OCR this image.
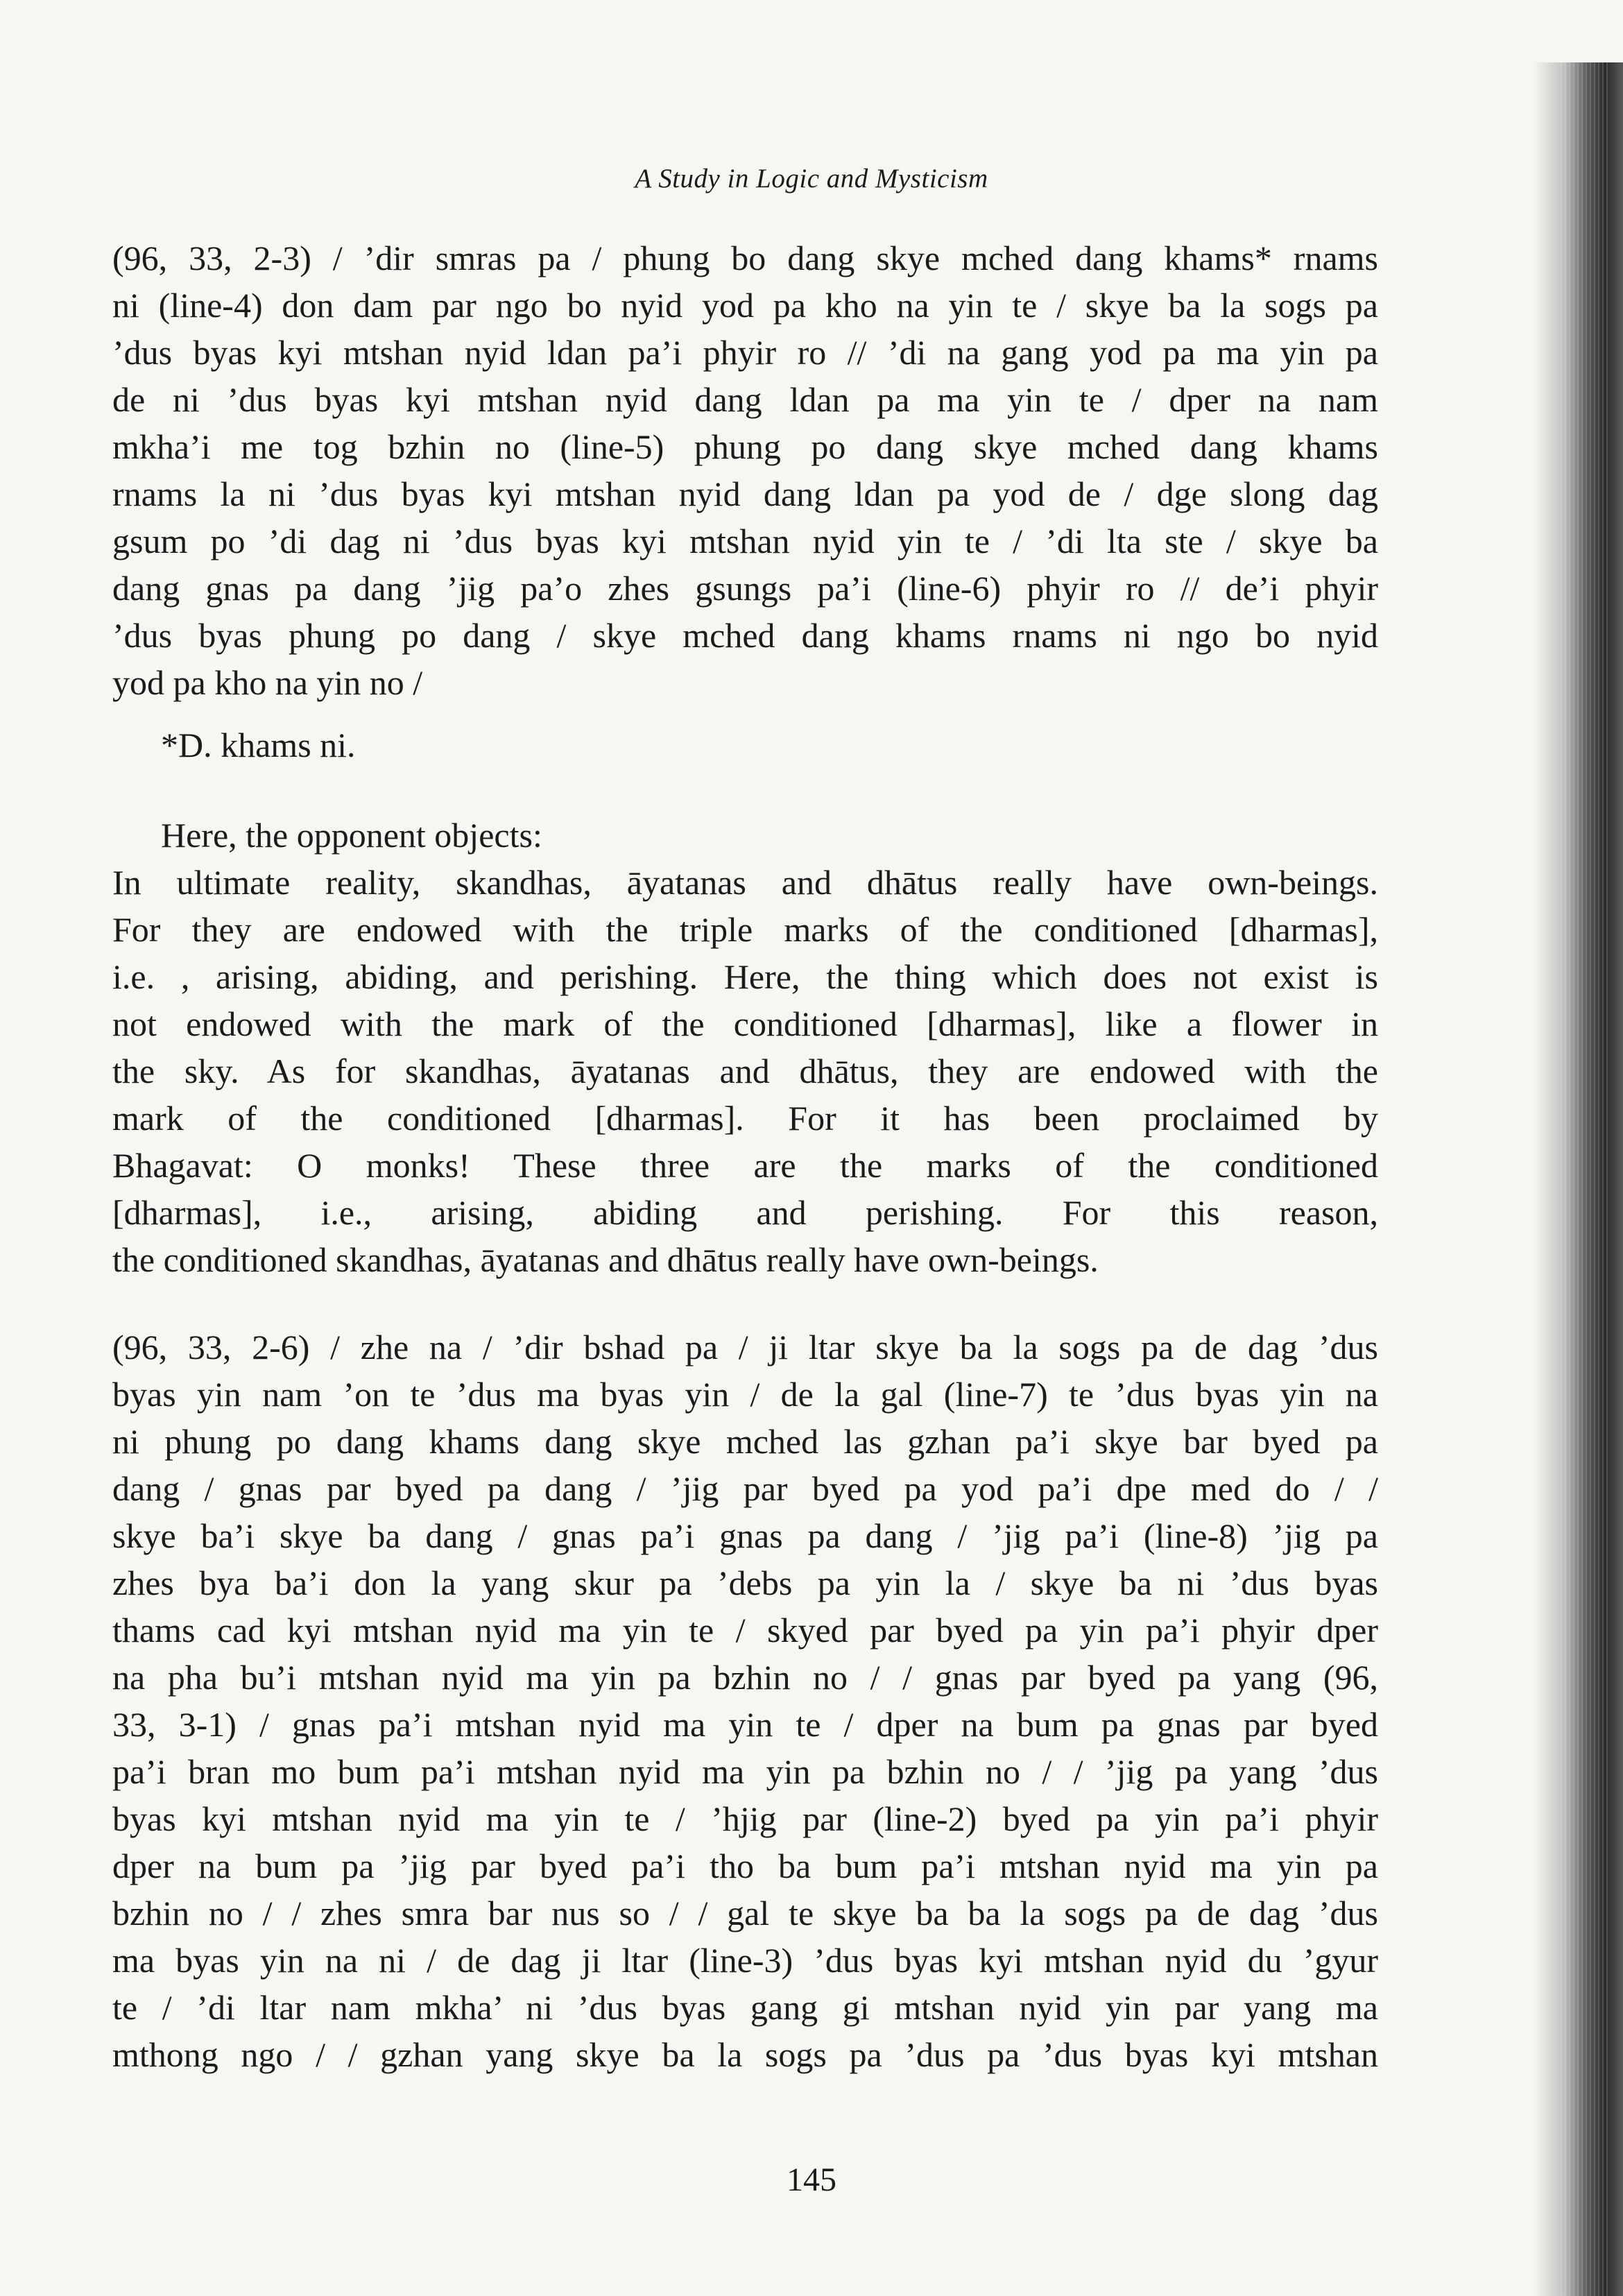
A Study in Logic and Mysticism
(96, 33, 2-3) / ’dir smras pa / phung bo dang skye mched dang khams* rnams
ni (line-4) don dam par ngo bo nyid yod pa kho na yin te / skye ba la sogs pa
’dus byas kyi mtshan nyid ldan pa’i phyir ro // ’di na gang yod pa ma yin pa
de ni ’dus byas kyi mtshan nyid dang ldan pa ma yin te / dper na nam
mkha’i me tog bzhin no (line-5) phung po dang skye mched dang khams
rnams la ni ’dus byas kyi mtshan nyid dang ldan pa yod de / dge slong dag
gsum po ’di dag ni ’dus byas kyi mtshan nyid yin te / ’di lta ste / skye ba
dang gnas pa dang ’jig pa’o zhes gsungs pa’i (line-6) phyir ro // de’i phyir
’dus byas phung po dang / skye mched dang khams rnams ni ngo bo nyid
yod pa kho na yin no /
*D. khams ni.
Here, the opponent objects:
In ultimate reality, skandhas, āyatanas and dhātus really have own-beings.
For they are endowed with the triple marks of the conditioned [dharmas],
i.e. , arising, abiding, and perishing. Here, the thing which does not exist is
not endowed with the mark of the conditioned [dharmas], like a flower in
the sky. As for skandhas, āyatanas and dhātus, they are endowed with the
mark of the conditioned [dharmas]. For it has been proclaimed by
Bhagavat: O monks! These three are the marks of the conditioned
[dharmas], i.e., arising, abiding and perishing. For this reason,
the conditioned skandhas, āyatanas and dhātus really have own-beings.
(96, 33, 2-6) / zhe na / ’dir bshad pa / ji ltar skye ba la sogs pa de dag ’dus
byas yin nam ’on te ’dus ma byas yin / de la gal (line-7) te ’dus byas yin na
ni phung po dang khams dang skye mched las gzhan pa’i skye bar byed pa
dang / gnas par byed pa dang / ’jig par byed pa yod pa’i dpe med do / /
skye ba’i skye ba dang / gnas pa’i gnas pa dang / ’jig pa’i (line-8) ’jig pa
zhes bya ba’i don la yang skur pa ’debs pa yin la / skye ba ni ’dus byas
thams cad kyi mtshan nyid ma yin te / skyed par byed pa yin pa’i phyir dper
na pha bu’i mtshan nyid ma yin pa bzhin no / / gnas par byed pa yang (96,
33, 3-1) / gnas pa’i mtshan nyid ma yin te / dper na bum pa gnas par byed
pa’i bran mo bum pa’i mtshan nyid ma yin pa bzhin no / / ’jig pa yang ’dus
byas kyi mtshan nyid ma yin te / ’hjig par (line-2) byed pa yin pa’i phyir
dper na bum pa ’jig par byed pa’i tho ba bum pa’i mtshan nyid ma yin pa
bzhin no / / zhes smra bar nus so / / gal te skye ba ba la sogs pa de dag ’dus
ma byas yin na ni / de dag ji ltar (line-3) ’dus byas kyi mtshan nyid du ’gyur
te / ’di ltar nam mkha’ ni ’dus byas gang gi mtshan nyid yin par yang ma
mthong ngo / / gzhan yang skye ba la sogs pa ’dus pa ’dus byas kyi mtshan
145
